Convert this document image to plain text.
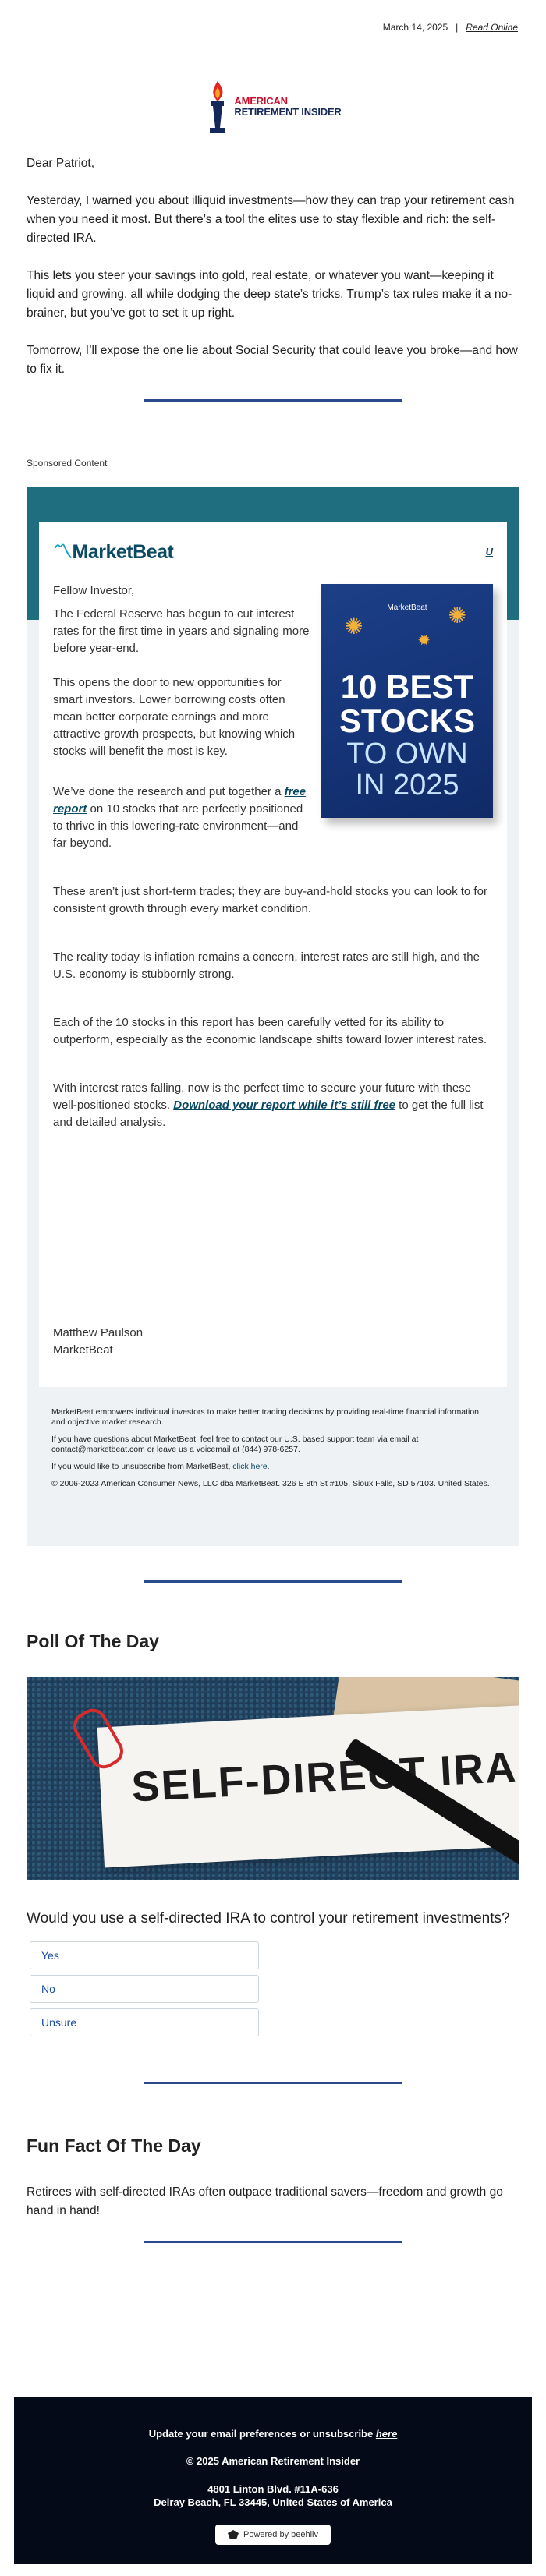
March 14, 2025 | Read Online
AMERICAN
RETIREMENT INSIDER

Dear Patriot,

Yesterday, I warned you about illiquid investments—how they can trap your retirement cash when you need it most. But there’s a tool the elites use to stay flexible and rich: the self-directed IRA.

This lets you steer your savings into gold, real estate, or whatever you want—keeping it liquid and growing, all while dodging the deep state’s tricks. Trump’s tax rules make it a no-brainer, but you’ve got to set it up right.

Tomorrow, I’ll expose the one lie about Social Security that could leave you broke—and how to fix it.

Sponsored Content
〽MarketBeat	U
✺	✺
✹
MarketBeat
10 BEST
STOCKS
TO OWN
IN 2025

Fellow Investor,

The Federal Reserve has begun to cut interest rates for the first time in years and signaling more before year-end.

This opens the door to new opportunities for smart investors. Lower borrowing costs often mean better corporate earnings and more attractive growth prospects, but knowing which stocks will benefit the most is key.

We’ve done the research and put together a free report on 10 stocks that are perfectly positioned to thrive in this lowering-rate environment—and far beyond.

These aren’t just short-term trades; they are buy-and-hold stocks you can look to for consistent growth through every market condition.

The reality today is inflation remains a concern, interest rates are still high, and the U.S. economy is stubbornly strong.

Each of the 10 stocks in this report has been carefully vetted for its ability to outperform, especially as the economic landscape shifts toward lower interest rates.

With interest rates falling, now is the perfect time to secure your future with these well-positioned stocks. Download your report while it’s still free to get the full list and detailed analysis.

Matthew Paulson
MarketBeat

MarketBeat empowers individual investors to make better trading decisions by providing real-time financial information and objective market research.

If you have questions about MarketBeat, feel free to contact our U.S. based support team via email at contact@marketbeat.com or leave us a voicemail at (844) 978-6257.

If you would like to unsubscribe from MarketBeat, click here.

© 2006-2023 American Consumer News, LLC dba MarketBeat. 326 E 8th St #105, Sioux Falls, SD 57103. United States.

Poll Of The Day
SELF-DIRECT IRA
Would you use a self-directed IRA to control your retirement investments?
Yes
No
Unsure
Fun Fact Of The Day
Retirees with self-directed IRAs often outpace traditional savers—freedom and growth go hand in hand!
Update your email preferences or unsubscribe here
© 2025 American Retirement Insider
4801 Linton Blvd. #11A-636
Delray Beach, FL 33445, United States of America
Powered by beehiiv
